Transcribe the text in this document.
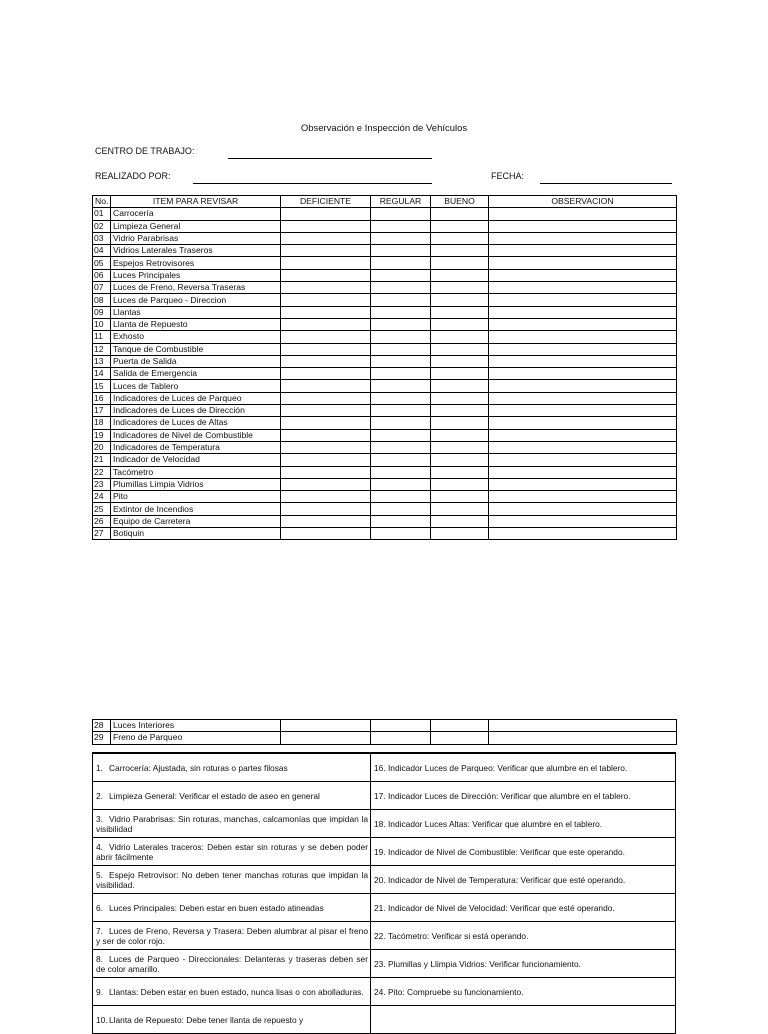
Observación e Inspección de Vehículos
CENTRO DE TRABAJO:
REALIZADO POR:	FECHA:
No.	ITEM PARA REVISAR	DEFICIENTE	REGULAR	BUENO	OBSERVACION
01	Carrocería				
02	Limpieza General				
03	Vidrio Parabrisas				
04	Vidrios Laterales Traseros				
05	Espejos Retrovisores				
06	Luces Principales				
07	Luces de Freno, Reversa Traseras				
08	Luces de Parqueo - Direccion				
09	Llantas				
10	Llanta de Repuesto				
11	Exhosto				
12	Tanque de Combustible				
13	Puerta de Salida				
14	Salida de Emergencia				
15	Luces de Tablero				
16	Indicadores de Luces de Parqueo				
17	Indicadores de Luces de Dirección				
18	Indicadores de Luces de Altas				
19	Indicadores de Nivel de Combustible				
20	Indicadores de Temperatura				
21	Indicador de Velocidad				
22	Tacómetro				
23	Plumillas Limpia Vidrios				
24	Pito				
25	Extintor de Incendios				
26	Equipo de Carretera				
27	Botiquin				
28	Luces Interiores				
29	Freno de Parqueo				
1. Carrocería: Ajustada, sin roturas o partes filosas	16. Indicador Luces de Parqueo: Verificar que alumbre en el tablero.
2. Limpieza General: Verificar el estado de aseo en general	17. Indicador Luces de Dirección: Verificar que alumbre en el tablero.
3. Vidrio Parabrisas: Sin roturas, manchas, calcamonías que impidan la visibilidad	18. Indicador Luces Altas: Verificar que alumbre en el tablero.
4. Vidrio Laterales traceros: Deben estar sin roturas y se deben poder abrir fácilmente	19. Indicador de Nivel de Combustible: Verificar que este operando.
5. Espejo Retrovisor: No deben tener manchas roturas que impidan la visibilidad.	20. Indicador de Nivel de Temperatura: Verificar que esté operando.
6. Luces Principales: Deben estar en buen estado atineadas	21. Indicador de Nivel de Velocidad: Verificar que esté operando.
7. Luces de Freno, Reversa y Trasera: Deben alumbrar al pisar el freno y ser de color rojo.	22. Tacómetro: Verificar si está operando.
8. Luces de Parqueo - Direccionales: Delanteras y traseras deben ser de color amarillo.	23. Plumillas y Llimpia Vidrios: Verificar funcionamiento.
9. Llantas: Deben estar en buen estado, nunca lisas o con abolladuras.	24. Pito: Compruebe su funcionamiento.
10.Llanta de Repuesto: Debe tener llanta de repuesto y	
